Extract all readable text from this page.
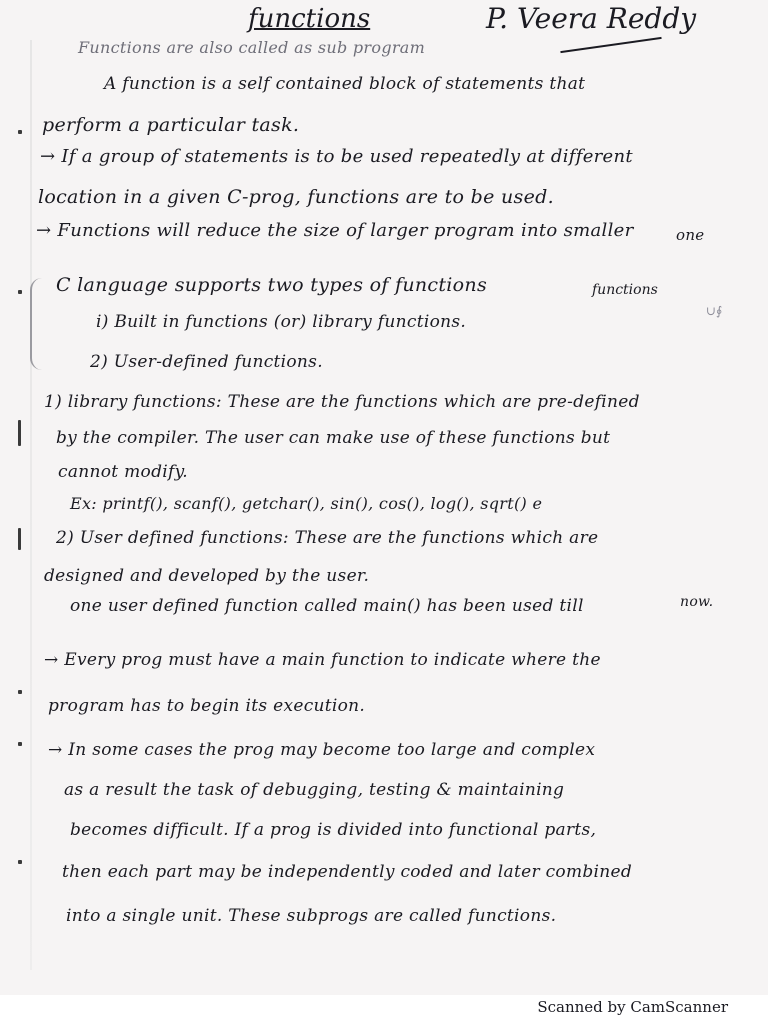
functions	P. Veera Reddy
Functions are also called as sub program
A function is a self contained block of statements that
perform a particular task.
→ If a group of statements is to be used repeatedly at different
location in a given C-prog, functions are to be used.
→ Functions will reduce the size of larger program into smaller	one
C language supports two types of functions	functions
∪∮
i) Built in functions (or) library functions.
2) User-defined functions.
1) library functions: These are the functions which are pre-defined
by the compiler. The user can make use of these functions but
cannot modify.
Ex: printf(), scanf(), getchar(), sin(), cos(), log(), sqrt() e
2) User defined functions: These are the functions which are
designed and developed by the user.
one user defined function called main() has been used till	now.
→ Every prog must have a main function to indicate where the
program has to begin its execution.
→ In some cases the prog may become too large and complex
as a result the task of debugging, testing & maintaining
becomes difficult. If a prog is divided into functional parts,
then each part may be independently coded and later combined
into a single unit. These subprogs are called functions.
Scanned by CamScanner
